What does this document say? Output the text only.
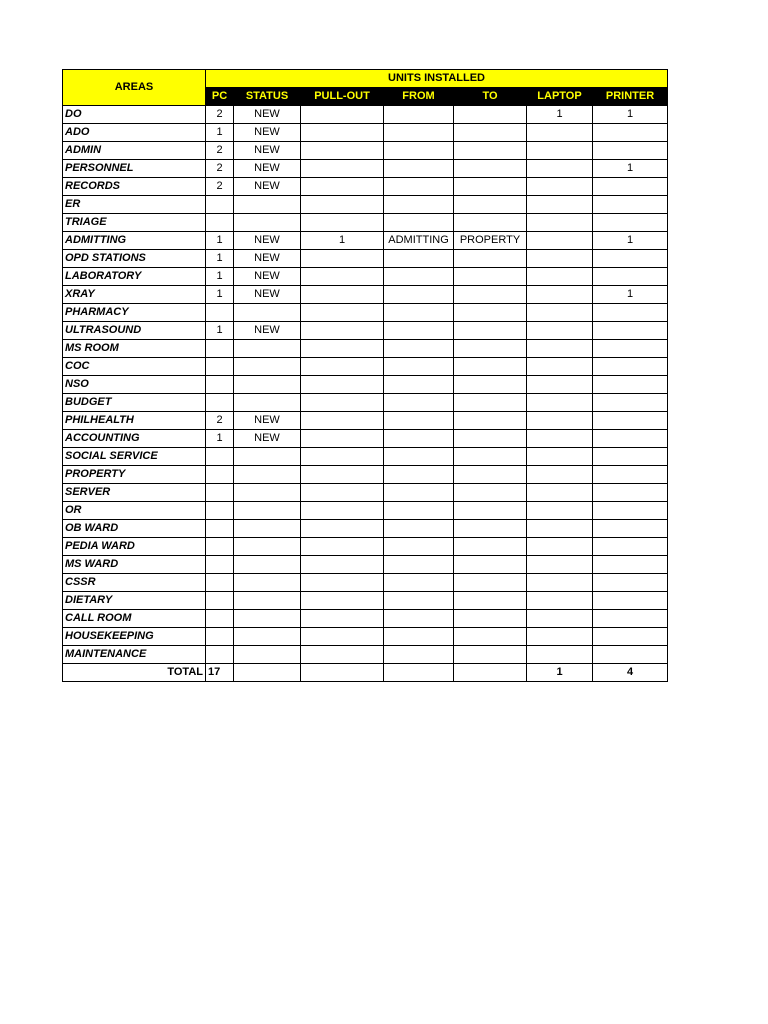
AREAS	UNITS INSTALLED						
	PC	STATUS	PULL-OUT	FROM	TO	LAPTOP	PRINTER
DO	2	NEW				1	1
ADO	1	NEW					
ADMIN	2	NEW					
PERSONNEL	2	NEW					1
RECORDS	2	NEW					
ER							
TRIAGE							
ADMITTING	1	NEW	1	ADMITTING	PROPERTY		1
OPD STATIONS	1	NEW					
LABORATORY	1	NEW					
XRAY	1	NEW					1
PHARMACY							
ULTRASOUND	1	NEW					
MS ROOM							
COC							
NSO							
BUDGET							
PHILHEALTH	2	NEW					
ACCOUNTING	1	NEW					
SOCIAL SERVICE							
PROPERTY							
SERVER							
OR							
OB WARD							
PEDIA WARD							
MS WARD							
CSSR							
DIETARY							
CALL ROOM							
HOUSEKEEPING							
MAINTENANCE							
TOTAL	17					1	4
